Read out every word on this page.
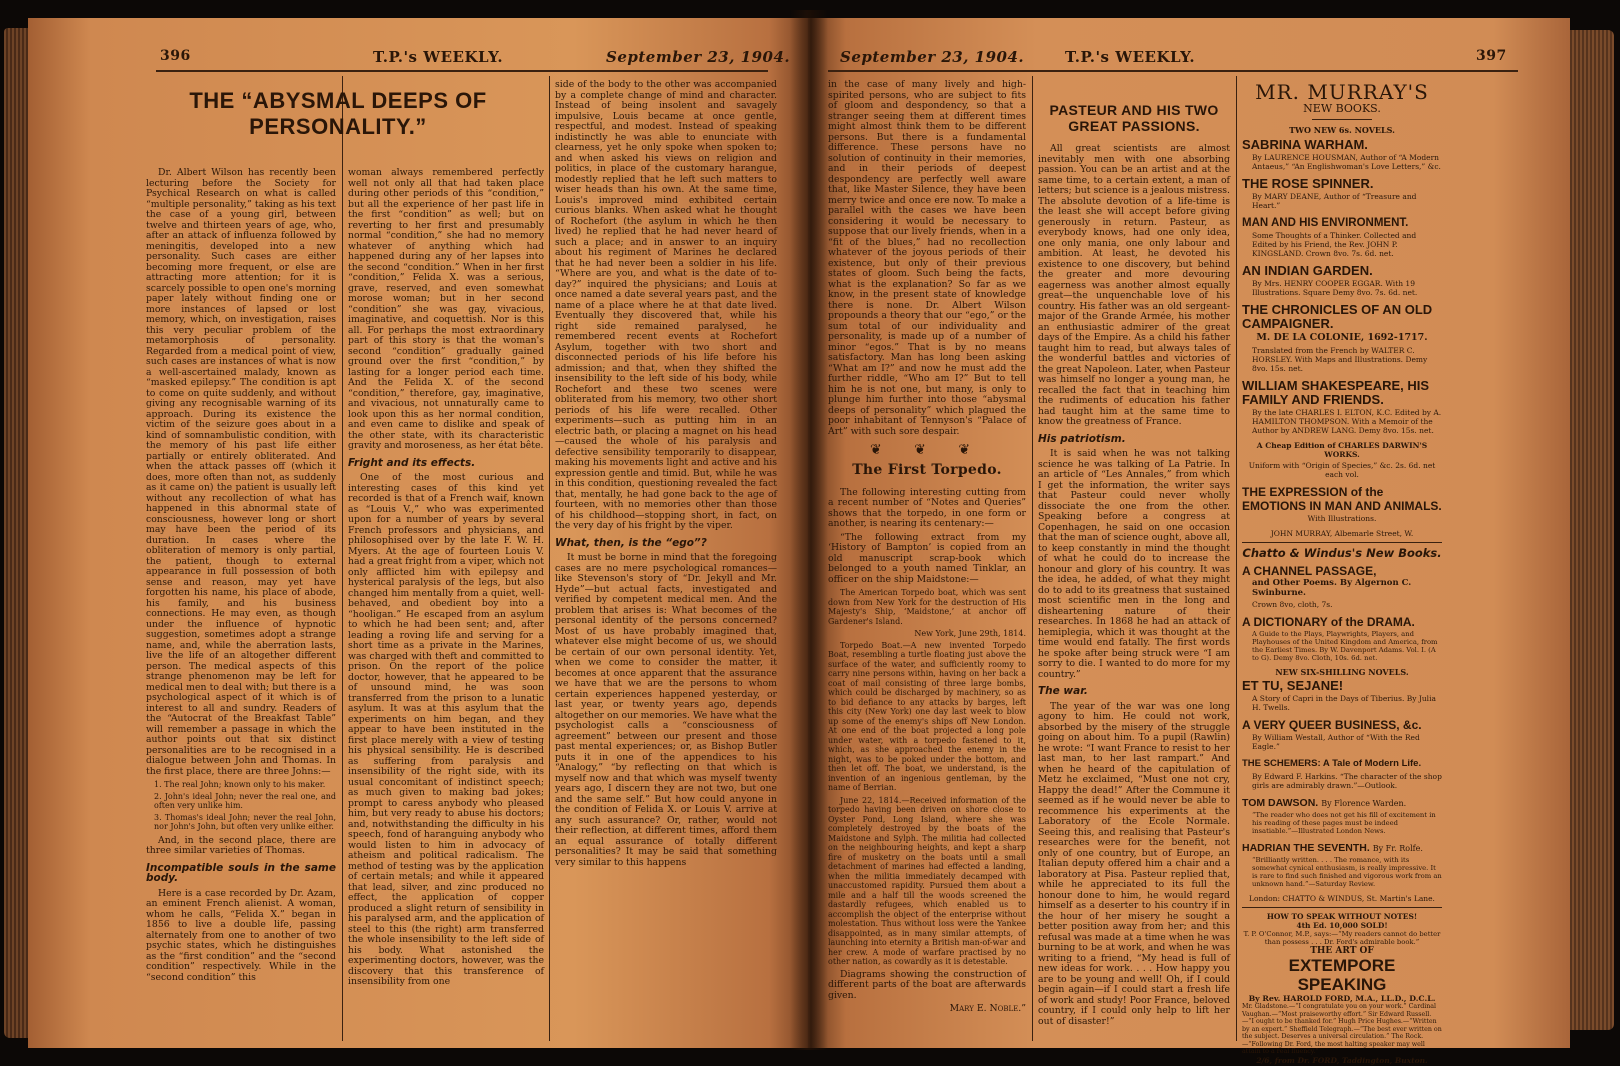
396	T.P.'s WEEKLY.	September 23, 1904.
THE “ABYSMAL DEEPS OF PERSONALITY.”

Dr. Albert Wilson has recently been lecturing before the Society for Psychical Research on what is called “multiple personality,” taking as his text the case of a young girl, between twelve and thirteen years of age, who, after an attack of influenza followed by meningitis, developed into a new personality. Such cases are either becoming more frequent, or else are attracting more attention; for it is scarcely possible to open one's morning paper lately without finding one or more instances of lapsed or lost memory, which, on investigation, raises this very peculiar problem of the metamorphosis of personality. Regarded from a medical point of view, such cases are instances of what is now a well-ascertained malady, known as “masked epilepsy.” The condition is apt to come on quite suddenly, and without giving any recognisable warning of its approach. During its existence the victim of the seizure goes about in a kind of somnambulistic condition, with the memory of his past life either partially or entirely obliterated. And when the attack passes off (which it does, more often than not, as suddenly as it came on) the patient is usually left without any recollection of what has happened in this abnormal state of consciousness, however long or short may have been the period of its duration. In cases where the obliteration of memory is only partial, the patient, though to external appearance in full possession of both sense and reason, may yet have forgotten his name, his place of abode, his family, and his business connections. He may even, as though under the influence of hypnotic suggestion, sometimes adopt a strange name, and, while the aberration lasts, live the life of an altogether different person. The medical aspects of this strange phenomenon may be left for medical men to deal with; but there is a psychological aspect of it which is of interest to all and sundry. Readers of the “Autocrat of the Breakfast Table” will remember a passage in which the author points out that six distinct personalities are to be recognised in a dialogue between John and Thomas. In the first place, there are three Johns:—

1. The real John; known only to his maker.
2. John's ideal John; never the real one, and often very unlike him.
3. Thomas's ideal John; never the real John, nor John's John, but often very unlike either.

And, in the second place, there are three similar varieties of Thomas.

Incompatible souls in the same body.

Here is a case recorded by Dr. Azam, an eminent French alienist. A woman, whom he calls, “Felida X.” began in 1856 to live a double life, passing alternately from one to another of two psychic states, which he distinguishes as the “first condition” and the “second condition” respectively. While in the “second condition” this

woman always remembered perfectly well not only all that had taken place during other periods of this “condition,” but all the experience of her past life in the first “condition” as well; but on reverting to her first and presumably normal “condition,” she had no memory whatever of anything which had happened during any of her lapses into the second “condition.” When in her first “condition,” Felida X. was a serious, grave, reserved, and even somewhat morose woman; but in her second “condition” she was gay, vivacious, imaginative, and coquettish. Nor is this all. For perhaps the most extraordinary part of this story is that the woman's second “condition” gradually gained ground over the first “condition,” by lasting for a longer period each time. And the Felida X. of the second “condition,” therefore, gay, imaginative, and vivacious, not unnaturally came to look upon this as her normal condition, and even came to dislike and speak of the other state, with its characteristic gravity and moroseness, as her état bête.

Fright and its effects.

One of the most curious and interesting cases of this kind yet recorded is that of a French waif, known as “Louis V.,” who was experimented upon for a number of years by several French professors and physicians, and philosophised over by the late F. W. H. Myers. At the age of fourteen Louis V. had a great fright from a viper, which not only afflicted him with epilepsy and hysterical paralysis of the legs, but also changed him mentally from a quiet, well-behaved, and obedient boy into a “hooligan.” He escaped from an asylum to which he had been sent; and, after leading a roving life and serving for a short time as a private in the Marines, was charged with theft and committed to prison. On the report of the police doctor, however, that he appeared to be of unsound mind, he was soon transferred from the prison to a lunatic asylum. It was at this asylum that the experiments on him began, and they appear to have been instituted in the first place merely with a view of testing his physical sensibility. He is described as suffering from paralysis and insensibility of the right side, with its usual concomitant of indistinct speech; as much given to making bad jokes; prompt to caress anybody who pleased him, but very ready to abuse his doctors; and, notwithstanding the difficulty in his speech, fond of haranguing anybody who would listen to him in advocacy of atheism and political radicalism. The method of testing was by the application of certain metals; and while it appeared that lead, silver, and zinc produced no effect, the application of copper produced a slight return of sensibility in his paralysed arm, and the application of steel to this (the right) arm transferred the whole insensibility to the left side of his body. What astonished the experimenting doctors, however, was the discovery that this transference of insensibility from one

side of the body to the other was accompanied by a complete change of mind and character. Instead of being insolent and savagely impulsive, Louis became at once gentle, respectful, and modest. Instead of speaking indistinctly he was able to enunciate with clearness, yet he only spoke when spoken to; and when asked his views on religion and politics, in place of the customary harangue, modestly replied that he left such matters to wiser heads than his own. At the same time, Louis's improved mind exhibited certain curious blanks. When asked what he thought of Rochefort (the asylum in which he then lived) he replied that he had never heard of such a place; and in answer to an inquiry about his regiment of Marines he declared that he had never been a soldier in his life. “Where are you, and what is the date of to-day?” inquired the physicians; and Louis at once named a date several years past, and the name of a place where he at that date lived. Eventually they discovered that, while his right side remained paralysed, he remembered recent events at Rochefort Asylum, together with two short and disconnected periods of his life before his admission; and that, when they shifted the insensibility to the left side of his body, while Rochefort and these two scenes were obliterated from his memory, two other short periods of his life were recalled. Other experiments—such as putting him in an electric bath, or placing a magnet on his head—caused the whole of his paralysis and defective sensibility temporarily to disappear, making his movements light and active and his expression gentle and timid. But, while he was in this condition, questioning revealed the fact that, mentally, he had gone back to the age of fourteen, with no memories other than those of his childhood—stopping short, in fact, on the very day of his fright by the viper.

What, then, is the “ego”?

It must be borne in mind that the foregoing cases are no mere psychological romances—like Stevenson's story of “Dr. Jekyll and Mr. Hyde”—but actual facts, investigated and verified by competent medical men. And the problem that arises is: What becomes of the personal identity of the persons concerned? Most of us have probably imagined that, whatever else might become of us, we should be certain of our own personal identity. Yet, when we come to consider the matter, it becomes at once apparent that the assurance we have that we are the persons to whom certain experiences happened yesterday, or last year, or twenty years ago, depends altogether on our memories. We have what the psychologist calls a “consciousness of agreement” between our present and those past mental experiences; or, as Bishop Butler puts it in one of the appendices to his “Analogy,” “by reflecting on that which is myself now and that which was myself twenty years ago, I discern they are not two, but one and the same self.” But how could anyone in the condition of Felida X. or Louis V. arrive at any such assurance? Or, rather, would not their reflection, at different times, afford them an equal assurance of totally different personalities? It may be said that something very similar to this happens

September 23, 1904.	T.P.'s WEEKLY.	397

in the case of many lively and high-spirited persons, who are subject to fits of gloom and despondency, so that a stranger seeing them at different times might almost think them to be different persons. But there is a fundamental difference. These persons have no solution of continuity in their memories, and in their periods of deepest despondency are perfectly well aware that, like Master Silence, they have been merry twice and once ere now. To make a parallel with the cases we have been considering it would be necessary to suppose that our lively friends, when in a “fit of the blues,” had no recollection whatever of the joyous periods of their existence, but only of their previous states of gloom. Such being the facts, what is the explanation? So far as we know, in the present state of knowledge there is none. Dr. Albert Wilson propounds a theory that our “ego,” or the sum total of our individuality and personality, is made up of a number of minor “egos.” That is by no means satisfactory. Man has long been asking “What am I?” and now he must add the further riddle, “Who am I?” But to tell him he is not one, but many, is only to plunge him further into those “abysmal deeps of personality” which plagued the poor inhabitant of Tennyson's “Palace of Art” with such sore despair.

❦ ❦ ❦
The First Torpedo.

The following interesting cutting from a recent number of “Notes and Queries” shows that the torpedo, in one form or another, is nearing its centenary:—

“The following extract from my ‘History of Bampton’ is copied from an old manuscript scrap-book which belonged to a youth named Tinklar, an officer on the ship Maidstone:—

The American Torpedo boat, which was sent down from New York for the destruction of His Majesty's Ship, ‘Maidstone,’ at anchor off Gardener's Island.

New York, June 29th, 1814.

Torpedo Boat.—A new invented Torpedo Boat, resembling a turtle floating just above the surface of the water, and sufficiently roomy to carry nine persons within, having on her back a coat of mail consisting of three large bombs, which could be discharged by machinery, so as to bid defiance to any attacks by barges, left this city (New York) one day last week to blow up some of the enemy's ships off New London. At one end of the boat projected a long pole under water, with a torpedo fastened to it, which, as she approached the enemy in the night, was to be poked under the bottom, and then let off. The boat, we understand, is the invention of an ingenious gentleman, by the name of Berrian.

June 22, 1814.—Received information of the torpedo having been driven on shore close to Oyster Pond, Long Island, where she was completely destroyed by the boats of the Maidstone and Sylph. The militia had collected on the neighbouring heights, and kept a sharp fire of musketry on the boats until a small detachment of marines had effected a landing, when the militia immediately decamped with unaccustomed rapidity. Pursued them about a mile and a half till the woods screened the dastardly refugees, which enabled us to accomplish the object of the enterprise without molestation. Thus without loss were the Yankee disappointed, as in many similar attempts, of launching into eternity a British man-of-war and her crew. A mode of warfare practised by no other nation, as cowardly as it is detestable.

Diagrams showing the construction of different parts of the boat are afterwards given.

Mary E. Noble.”
PASTEUR AND HIS TWO GREAT PASSIONS.

All great scientists are almost inevitably men with one absorbing passion. You can be an artist and at the same time, to a certain extent, a man of letters; but science is a jealous mistress. The absolute devotion of a life-time is the least she will accept before giving generously in return. Pasteur, as everybody knows, had one only idea, one only mania, one only labour and ambition. At least, he devoted his existence to one discovery, but behind the greater and more devouring eagerness was another almost equally great—the unquenchable love of his country. His father was an old sergeant-major of the Grande Armée, his mother an enthusiastic admirer of the great days of the Empire. As a child his father taught him to read, but always tales of the wonderful battles and victories of the great Napoleon. Later, when Pasteur was himself no longer a young man, he recalled the fact that in teaching him the rudiments of education his father had taught him at the same time to know the greatness of France.

His patriotism.

It is said when he was not talking science he was talking of La Patrie. In an article of “Les Annales,” from which I get the information, the writer says that Pasteur could never wholly dissociate the one from the other. Speaking before a congress at Copenhagen, he said on one occasion that the man of science ought, above all, to keep constantly in mind the thought of what he could do to increase the honour and glory of his country. It was the idea, he added, of what they might do to add to its greatness that sustained most scientific men in the long and disheartening nature of their researches. In 1868 he had an attack of hemiplegia, which it was thought at the time would end fatally. The first words he spoke after being struck were “I am sorry to die. I wanted to do more for my country.”

The war.

The year of the war was one long agony to him. He could not work, absorbed by the misery of the struggle going on about him. To a pupil (Rawlin) he wrote: “I want France to resist to her last man, to her last rampart.” And when he heard of the capitulation of Metz he exclaimed, “Must one not cry, Happy the dead!” After the Commune it seemed as if he would never be able to recommence his experiments at the Laboratory of the Ecole Normale. Seeing this, and realising that Pasteur's researches were for the benefit, not only of one country, but of Europe, an Italian deputy offered him a chair and a laboratory at Pisa. Pasteur replied that, while he appreciated to its full the honour done to him, he would regard himself as a deserter to his country if in the hour of her misery he sought a better position away from her; and this refusal was made at a time when he was burning to be at work, and when he was writing to a friend, “My head is full of new ideas for work. . . . How happy you are to be young and well! Oh, if I could begin again—if I could start a fresh life of work and study! Poor France, beloved country, if I could only help to lift her out of disaster!”

MR. MURRAY'S
NEW BOOKS.
TWO NEW 6s. NOVELS.
SABRINA WARHAM.
By LAURENCE HOUSMAN, Author of “A Modern Antaeus,” “An Englishwoman's Love Letters,” &c.
THE ROSE SPINNER.
By MARY DEANE, Author of “Treasure and Heart.”
MAN AND HIS ENVIRONMENT.
Some Thoughts of a Thinker. Collected and Edited by his Friend, the Rev. JOHN P. KINGSLAND. Crown 8vo. 7s. 6d. net.
AN INDIAN GARDEN.
By Mrs. HENRY COOPER EGGAR. With 19 Illustrations. Square Demy 8vo. 7s. 6d. net.
THE CHRONICLES OF AN OLD CAMPAIGNER.
M. DE LA COLONIE, 1692-1717.
Translated from the French by WALTER C. HORSLEY. With Maps and Illustrations. Demy 8vo. 15s. net.
WILLIAM SHAKESPEARE, HIS FAMILY AND FRIENDS.
By the late CHARLES I. ELTON, K.C. Edited by A. HAMILTON THOMPSON. With a Memoir of the Author by ANDREW LANG. Demy 8vo. 15s. net.
A Cheap Edition of CHARLES DARWIN'S WORKS.
Uniform with “Origin of Species,” &c. 2s. 6d. net each vol.
THE EXPRESSION of the EMOTIONS IN MAN AND ANIMALS.
With Illustrations.
JOHN MURRAY, Albemarle Street, W.
Chatto & Windus's New Books.
A CHANNEL PASSAGE,
and Other Poems. By Algernon C. Swinburne.
Crown 8vo, cloth, 7s.
A DICTIONARY of the DRAMA.
A Guide to the Plays, Playwrights, Players, and Playhouses of the United Kingdom and America, from the Earliest Times. By W. Davenport Adams. Vol. I. (A to G). Demy 8vo. Cloth, 10s. 6d. net.
NEW SIX-SHILLING NOVELS.
ET TU, SEJANE!
A Story of Capri in the Days of Tiberius. By Julia H. Twells.
A VERY QUEER BUSINESS, &c.
By William Westall, Author of “With the Red Eagle.”
THE SCHEMERS: A Tale of Modern Life.
By Edward F. Harkins. “The character of the shop girls are admirably drawn.”—Outlook.
TOM DAWSON. By Florence Warden.
“The reader who does not get his fill of excitement in his reading of these pages must be indeed insatiable.”—Illustrated London News.
HADRIAN THE SEVENTH. By Fr. Rolfe.
“Brilliantly written. . . . The romance, with its somewhat cynical enthusiasm, is really impressive. It is rare to find such finished and vigorous work from an unknown hand.”—Saturday Review.
London: CHATTO & WINDUS, St. Martin's Lane.
HOW TO SPEAK WITHOUT NOTES!
4th Ed. 10,000 SOLD!
T. P. O'Connor, M.P., says:—“My readers cannot do better than possess . . . Dr. Ford's admirable book.”
THE ART OF
EXTEMPORE SPEAKING
By Rev. HAROLD FORD, M.A., LL.D., D.C.L.
Mr. Gladstone.—“I congratulate you on your work.” Cardinal Vaughan.—“Most praiseworthy effort.” Sir Edward Russell.—“I ought to be thanked for.” Hugh Price Hughes.—“Written by an expert.” Sheffield Telegraph.—“The best ever written on the subject. Deserves a universal circulation.” The Rock.—“Following Dr. Ford, the most halting speaker may well attain to a real fluency.”
2/6, from Dr. FORD, Taddington, Buxton.
